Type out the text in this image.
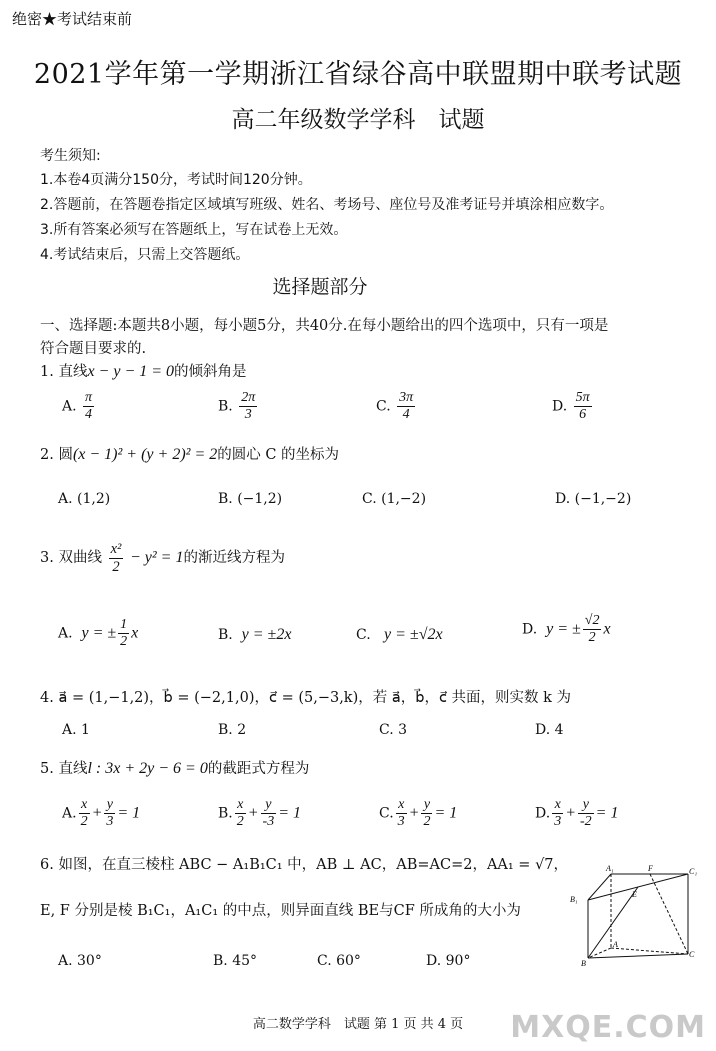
绝密★考试结束前
2021学年第一学期浙江省绿谷高中联盟期中联考试题
高二年级数学学科　试题
考生须知:
1.本卷4页满分150分，考试时间120分钟。
2.答题前，在答题卷指定区域填写班级、姓名、考场号、座位号及准考证号并填涂相应数字。
3.所有答案必须写在答题纸上，写在试卷上无效。
4.考试结束后，只需上交答题纸。
选择题部分
一、选择题:本题共8小题，每小题5分，共40分.在每小题给出的四个选项中，只有一项是
符合题目要求的.
1. 直线x − y − 1 = 0的倾斜角是
A. $\frac{\pi}{4}$	B. $\frac{2\pi}{3}$	C. $\frac{3\pi}{4}$	D. $\frac{5\pi}{6}$
2. 圆(x − 1)² + (y + 2)² = 2的圆心 C 的坐标为
A. (1,2)	B. (−1,2)	C. (1,−2)	D. (−1,−2)
3. 双曲线 $\frac{\text{x²}}{2} - y^2 = 1$的渐近线方程为
A. y = ± $\frac{1}{2}$ x	B. y = ±2x	C. y = ±√2x	D. y = ± $\frac{√2}{2}$ x
4. a⃗ = (1,−1,2)，b⃗ = (−2,1,0)，c⃗ = (5,−3,k)，若 a⃗，b⃗，c⃗ 共面，则实数 k 为
A. 1	B. 2	C. 3	D. 4
5. 直线l : 3x + 2y − 6 = 0的截距式方程为
A. $\frac{x}{2} + \frac{y}{3} = 1$	B. $\frac{x}{2} + \frac{y}{-3} = 1$	C. $\frac{x}{3} + \frac{y}{2} = 1$	D. $\frac{x}{3} + \frac{y}{-2} = 1$
6. 如图，在直三棱柱 ABC − A₁B₁C₁ 中，AB ⊥ AC，AB=AC=2，AA₁ = √7，
E, F 分别是棱 B₁C₁，A₁C₁ 的中点，则异面直线 BE与CF 所成角的大小为
A. 30°	B. 45°	C. 60°	D. 90°
A₁	F	C₁
B₁
E
A
B
C
高二数学学科　试题 第 1 页 共 4 页	MXQE.COM
